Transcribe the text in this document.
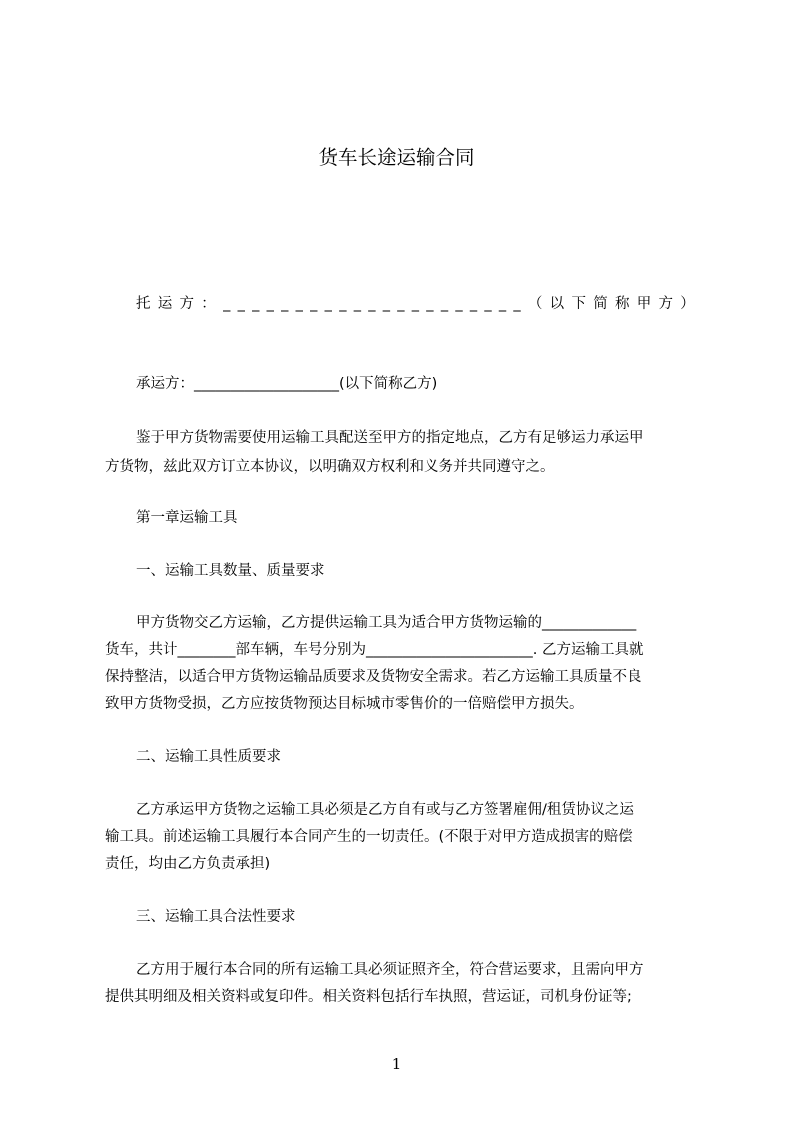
货车长途运输合同
托运方：_____________________（以下简称甲方）
承运方：____________________(以下简称乙方)
鉴于甲方货物需要使用运输工具配送至甲方的指定地点，乙方有足够运力承运甲
方货物，兹此双方订立本协议，以明确双方权利和义务并共同遵守之。
第一章运输工具
一、运输工具数量、质量要求
甲方货物交乙方运输，乙方提供运输工具为适合甲方货物运输的_____________
货车，共计________部车辆，车号分别为_______________________. 乙方运输工具就
保持整洁，以适合甲方货物运输品质要求及货物安全需求。若乙方运输工具质量不良
致甲方货物受损，乙方应按货物预达目标城市零售价的一倍赔偿甲方损失。
二、运输工具性质要求
乙方承运甲方货物之运输工具必须是乙方自有或与乙方签署雇佣/租赁协议之运
输工具。前述运输工具履行本合同产生的一切责任。(不限于对甲方造成损害的赔偿
责任，均由乙方负责承担)
三、运输工具合法性要求
乙方用于履行本合同的所有运输工具必须证照齐全，符合营运要求，且需向甲方
提供其明细及相关资料或复印件。相关资料包括行车执照，营运证，司机身份证等;
1
